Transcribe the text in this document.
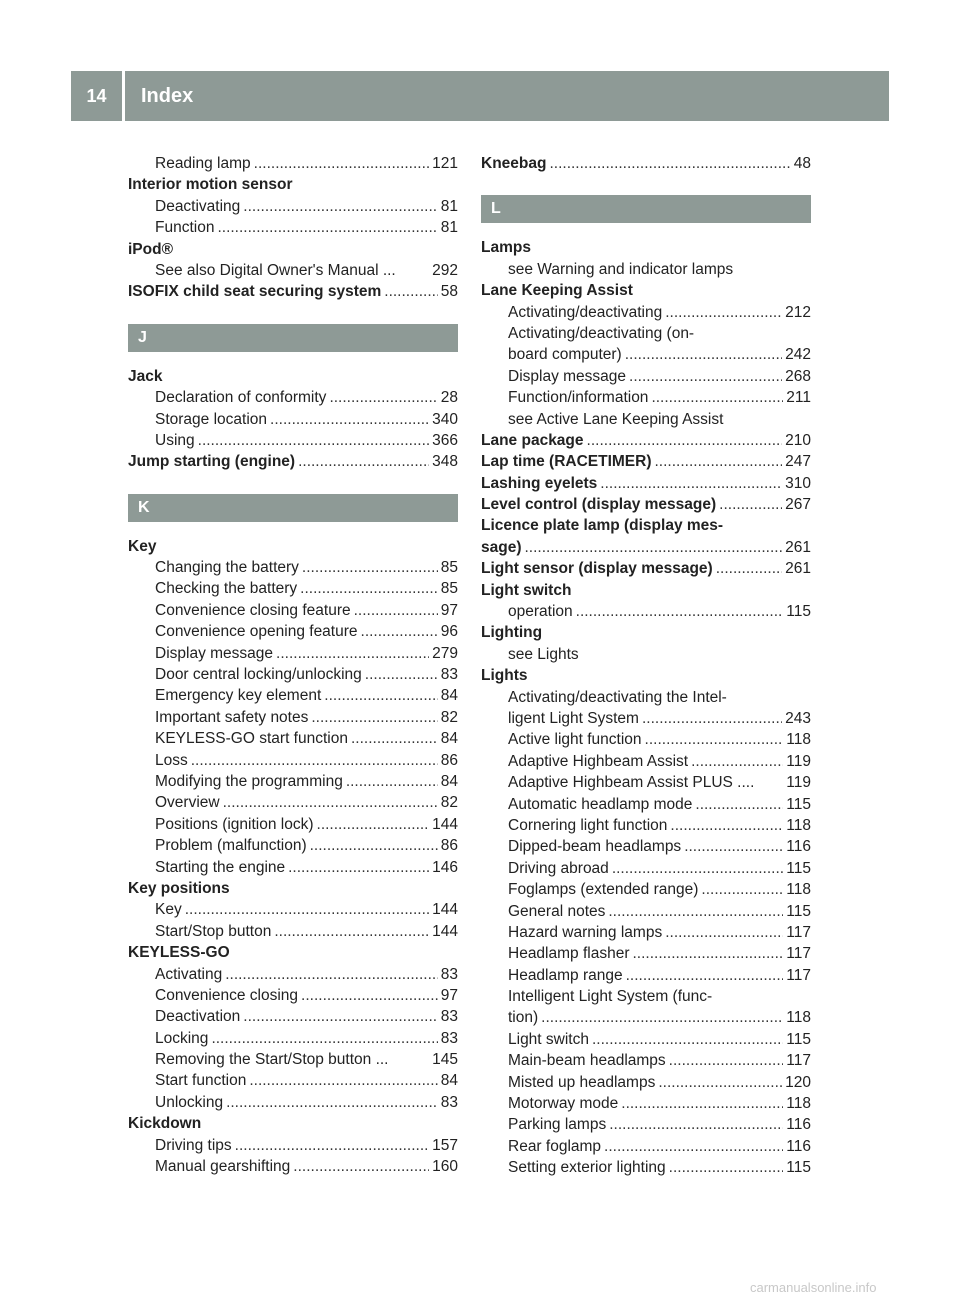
14	Index
Reading lamp .....	121
Interior motion sensor
Deactivating .....	81
Function .....	81
iPod®
See also Digital Owner's Manual ... 292
ISOFIX child seat securing system .....	58
J
Jack
Declaration of conformity .....	28
Storage location .....	340
Using .....	366
Jump starting (engine) .....	348
K
Key
Changing the battery .....	85
Checking the battery .....	85
Convenience closing feature .....	97
Convenience opening feature .....	96
Display message .....	279
Door central locking/unlocking .....	83
Emergency key element .....	84
Important safety notes .....	82
KEYLESS-GO start function .....	84
Loss .....	86
Modifying the programming .....	84
Overview .....	82
Positions (ignition lock) .....	144
Problem (malfunction) .....	86
Starting the engine .....	146
Key positions
Key .....	144
Start/Stop button .....	144
KEYLESS-GO
Activating .....	83
Convenience closing .....	97
Deactivation .....	83
Locking .....	83
Removing the Start/Stop button ...	145
Start function .....	84
Unlocking .....	83
Kickdown
Driving tips .....	157
Manual gearshifting .....	160
Kneebag .....	48
L
Lamps
see Warning and indicator lamps
Lane Keeping Assist
Activating/deactivating .....	212
Activating/deactivating (on-
board computer) .....	242
Display message .....	268
Function/information .....	211
see Active Lane Keeping Assist
Lane package .....	210
Lap time (RACETIMER) .....	247
Lashing eyelets .....	310
Level control (display message) .....	267
Licence plate lamp (display mes-
sage) .....	261
Light sensor (display message) .....	261
Light switch
operation .....	115
Lighting
see Lights
Lights
Activating/deactivating the Intel-
ligent Light System .....	243
Active light function .....	118
Adaptive Highbeam Assist .....	119
Adaptive Highbeam Assist PLUS .... 119
Automatic headlamp mode .....	115
Cornering light function .....	118
Dipped-beam headlamps .....	116
Driving abroad .....	115
Foglamps (extended range) .....	118
General notes .....	115
Hazard warning lamps .....	117
Headlamp flasher .....	117
Headlamp range .....	117
Intelligent Light System (func-
tion) .....	118
Light switch .....	115
Main-beam headlamps .....	117
Misted up headlamps .....	120
Motorway mode .....	118
Parking lamps .....	116
Rear foglamp .....	116
Setting exterior lighting .....	115
carmanualsonline.info
